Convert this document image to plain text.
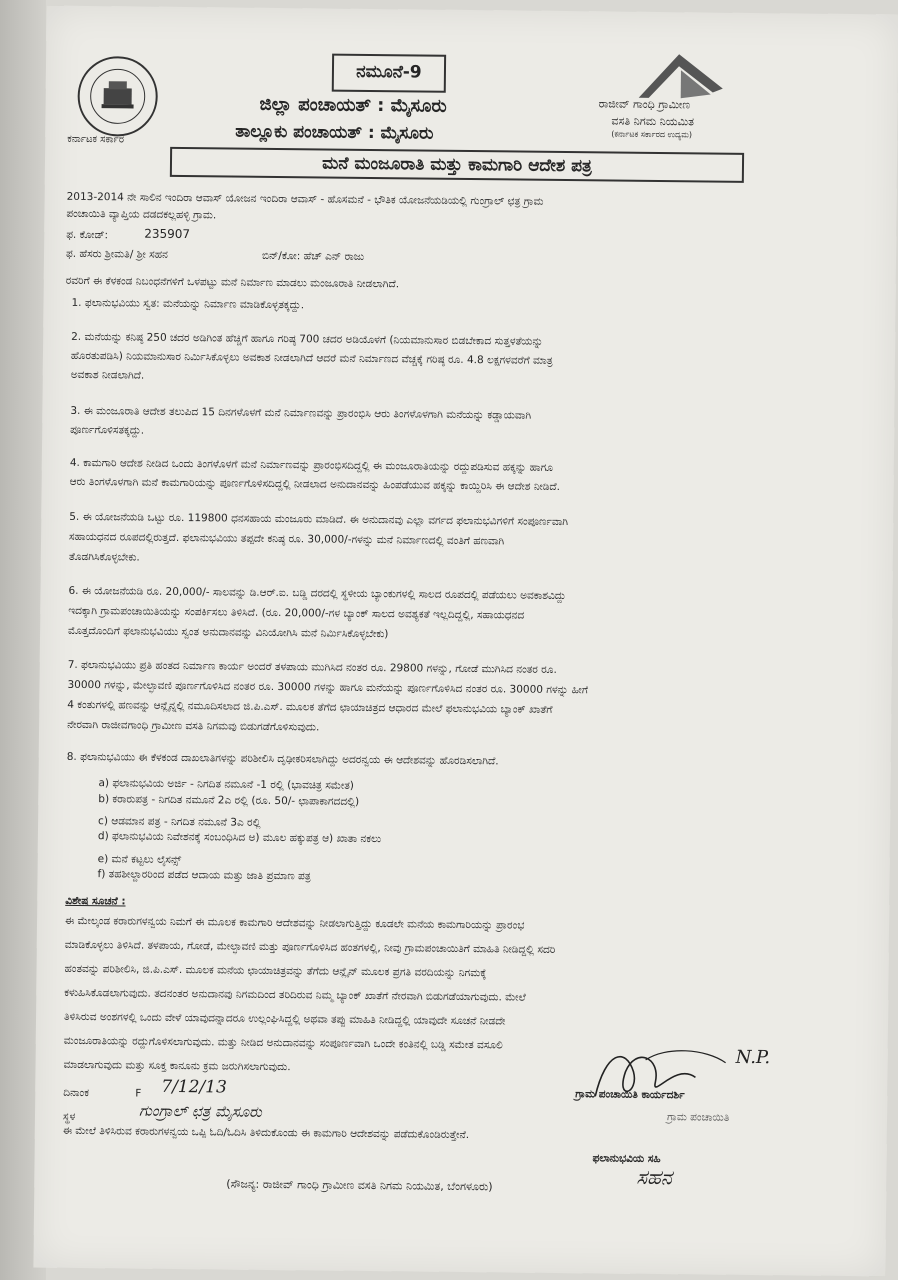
ಕರ್ನಾಟಕ ಸರ್ಕಾರ
ನಮೂನೆ-9
ಜಿಲ್ಲಾ ಪಂಚಾಯತ್ : ಮೈಸೂರು
ತಾಲ್ಲೂಕು ಪಂಚಾಯತ್ : ಮೈಸೂರು
ರಾಜೀವ್ ಗಾಂಧಿ ಗ್ರಾಮೀಣ
ವಸತಿ ನಿಗಮ ನಿಯಮಿತ
(ಕರ್ನಾಟಕ ಸರ್ಕಾರದ ಉದ್ಯಮ)
ಮನೆ ಮಂಜೂರಾತಿ ಮತ್ತು ಕಾಮಗಾರಿ ಆದೇಶ ಪತ್ರ
2013-2014 ನೇ ಸಾಲಿನ ಇಂದಿರಾ ಆವಾಸ್ ಯೋಜನ ಇಂದಿರಾ ಆವಾಸ್ - ಹೊಸಮನೆ - ಭೌತಿಕ ಯೋಜನೆಯಡಿಯಲ್ಲಿ ಗುಂಗ್ರಾಲ್ ಛತ್ರ ಗ್ರಾಮ
ಪಂಚಾಯಿತಿ ವ್ಯಾಪ್ತಿಯ ದಡದಕಲ್ಲಹಳ್ಳಿ ಗ್ರಾಮ.
ಫ. ಕೋಡ್:	235907
ಫ. ಹೆಸರು ಶ್ರೀಮತಿ/ ಶ್ರೀ ಸಹನ	ಬಿನ್/ಕೋ: ಹೆಚ್ ಎನ್ ರಾಜು
ರವರಿಗೆ ಈ ಕೆಳಕಂಡ ನಿಬಂಧನೆಗಳಿಗೆ ಒಳಪಟ್ಟು ಮನೆ ನಿರ್ಮಾಣ ಮಾಡಲು ಮಂಜೂರಾತಿ ನೀಡಲಾಗಿದೆ.
1. ಫಲಾನುಭವಿಯು ಸ್ವತ: ಮನೆಯನ್ನು ನಿರ್ಮಾಣ ಮಾಡಿಕೊಳ್ಳತಕ್ಕದ್ದು.
2. ಮನೆಯನ್ನು ಕನಿಷ್ಠ 250 ಚದರ ಅಡಿಗಿಂತ ಹೆಚ್ಚಿಗೆ ಹಾಗೂ ಗರಿಷ್ಠ 700 ಚದರ ಅಡಿಯೊಳಗೆ (ನಿಯಮಾನುಸಾರ ಬಿಡಬೇಕಾದ ಸುತ್ತಳತೆಯನ್ನು
ಹೊರತುಪಡಿಸಿ) ನಿಯಮಾನುಸಾರ ನಿರ್ಮಿಸಿಕೊಳ್ಳಲು ಅವಕಾಶ ನೀಡಲಾಗಿದೆ ಆದರೆ ಮನೆ ನಿರ್ಮಾಣದ ವೆಚ್ಚಕ್ಕೆ ಗರಿಷ್ಠ ರೂ. 4.8 ಲಕ್ಷಗಳವರೆಗೆ ಮಾತ್ರ
ಅವಕಾಶ ನೀಡಲಾಗಿದೆ.
3. ಈ ಮಂಜೂರಾತಿ ಆದೇಶ ತಲುಪಿದ 15 ದಿನಗಳೊಳಗೆ ಮನೆ ನಿರ್ಮಾಣವನ್ನು ಪ್ರಾರಂಭಿಸಿ ಆರು ತಿಂಗಳೊಳಗಾಗಿ ಮನೆಯನ್ನು ಕಡ್ಡಾಯವಾಗಿ
ಪೂರ್ಣಗೊಳಿಸತಕ್ಕದ್ದು.
4. ಕಾಮಗಾರಿ ಆದೇಶ ನೀಡಿದ ಒಂದು ತಿಂಗಳೊಳಗೆ ಮನೆ ನಿರ್ಮಾಣವನ್ನು ಪ್ರಾರಂಭಿಸದಿದ್ದಲ್ಲಿ ಈ ಮಂಜೂರಾತಿಯನ್ನು ರದ್ದುಪಡಿಸುವ ಹಕ್ಕನ್ನು ಹಾಗೂ
ಆರು ತಿಂಗಳೊಳಗಾಗಿ ಮನೆ ಕಾಮಗಾರಿಯನ್ನು ಪೂರ್ಣಗೊಳಿಸದಿದ್ದಲ್ಲಿ ನೀಡಲಾದ ಅನುದಾನವನ್ನು ಹಿಂಪಡೆಯುವ ಹಕ್ಕನ್ನು ಕಾಯ್ದಿರಿಸಿ ಈ ಆದೇಶ ನೀಡಿದೆ.
5. ಈ ಯೋಜನೆಯಡಿ ಒಟ್ಟು ರೂ. 119800 ಧನಸಹಾಯ ಮಂಜೂರು ಮಾಡಿದೆ. ಈ ಅನುದಾನವು ಎಲ್ಲಾ ವರ್ಗದ ಫಲಾನುಭವಿಗಳಿಗೆ ಸಂಪೂರ್ಣವಾಗಿ
ಸಹಾಯಧನದ ರೂಪದಲ್ಲಿರುತ್ತದೆ. ಫಲಾನುಭವಿಯು ತಪ್ಪದೇ ಕನಿಷ್ಠ ರೂ. 30,000/-ಗಳನ್ನು ಮನೆ ನಿರ್ಮಾಣದಲ್ಲಿ ವಂತಿಗೆ ಹಣವಾಗಿ
ತೊಡಗಿಸಿಕೊಳ್ಳಬೇಕು.
6. ಈ ಯೋಜನೆಯಡಿ ರೂ. 20,000/- ಸಾಲವನ್ನು ಡಿ.ಆರ್.ಐ. ಬಡ್ಡಿ ದರದಲ್ಲಿ ಸ್ಥಳೀಯ ಬ್ಯಾಂಕುಗಳಲ್ಲಿ ಸಾಲದ ರೂಪದಲ್ಲಿ ಪಡೆಯಲು ಅವಕಾಶವಿದ್ದು
ಇದಕ್ಕಾಗಿ ಗ್ರಾಮಪಂಚಾಯಿತಿಯನ್ನು ಸಂಪರ್ಕಿಸಲು ತಿಳಿಸಿದೆ. (ರೂ. 20,000/-ಗಳ ಬ್ಯಾಂಕ್ ಸಾಲದ ಅವಶ್ಯಕತೆ ಇಲ್ಲದಿದ್ದಲ್ಲಿ, ಸಹಾಯಧನದ
ಮೊತ್ತದೊಂದಿಗೆ ಫಲಾನುಭವಿಯು ಸ್ವಂತ ಅನುದಾನವನ್ನು ವಿನಿಯೋಗಿಸಿ ಮನೆ ನಿರ್ಮಿಸಿಕೊಳ್ಳಬೇಕು)
7. ಫಲಾನುಭವಿಯು ಪ್ರತಿ ಹಂತದ ನಿರ್ಮಾಣ ಕಾರ್ಯ ಅಂದರೆ ತಳಪಾಯ ಮುಗಿಸಿದ ನಂತರ ರೂ. 29800 ಗಳನ್ನು, ಗೋಡೆ ಮುಗಿಸಿದ ನಂತರ ರೂ.
30000 ಗಳನ್ನು, ಮೇಲ್ಛಾವಣಿ ಪೂರ್ಣಗೊಳಿಸಿದ ನಂತರ ರೂ. 30000 ಗಳನ್ನು ಹಾಗೂ ಮನೆಯನ್ನು ಪೂರ್ಣಗೊಳಿಸಿದ ನಂತರ ರೂ. 30000 ಗಳನ್ನು ಹೀಗೆ
4 ಕಂತುಗಳಲ್ಲಿ ಹಣವನ್ನು ಆನ್ಲೈನ್ನಲ್ಲಿ ನಮೂದಿಸಲಾದ ಜಿ.ಪಿ.ಎಸ್. ಮೂಲಕ ತೆಗೆದ ಛಾಯಾಚಿತ್ರದ ಆಧಾರದ ಮೇಲೆ ಫಲಾನುಭವಿಯ ಬ್ಯಾಂಕ್ ಖಾತೆಗೆ
ನೇರವಾಗಿ ರಾಜೀವಗಾಂಧಿ ಗ್ರಾಮೀಣ ವಸತಿ ನಿಗಮವು ಬಿಡುಗಡೆಗೊಳಿಸುವುದು.
8. ಫಲಾನುಭವಿಯು ಈ ಕೆಳಕಂಡ ದಾಖಲಾತಿಗಳನ್ನು ಪರಿಶೀಲಿಸಿ ದೃಢೀಕರಿಸಲಾಗಿದ್ದು ಅದರನ್ವಯ ಈ ಆದೇಶವನ್ನು ಹೊರಡಿಸಲಾಗಿದೆ.
a) ಫಲಾನುಭವಿಯ ಅರ್ಜಿ - ನಿಗದಿತ ನಮೂನೆ -1 ರಲ್ಲಿ (ಭಾವಚಿತ್ರ ಸಮೇತ)
b) ಕರಾರುಪತ್ರ - ನಿಗದಿತ ನಮೂನೆ 2ಎ ರಲ್ಲಿ (ರೂ. 50/- ಛಾಪಾಕಾಗದದಲ್ಲಿ)
c) ಆಡಮಾನ ಪತ್ರ - ನಿಗದಿತ ನಮೂನೆ 3ಎ ರಲ್ಲಿ
d) ಫಲಾನುಭವಿಯ ನಿವೇಶನಕ್ಕೆ ಸಂಬಂಧಿಸಿದ ಅ) ಮೂಲ ಹಕ್ಕುಪತ್ರ ಆ) ಖಾತಾ ನಕಲು
e) ಮನೆ ಕಟ್ಟಲು ಲೈಸನ್ಸ್
f) ತಹಶೀಲ್ದಾರರಿಂದ ಪಡೆದ ಆದಾಯ ಮತ್ತು ಜಾತಿ ಪ್ರಮಾಣ ಪತ್ರ
ವಿಶೇಷ ಸೂಚನೆ :
ಈ ಮೇಲ್ಕಂಡ ಕರಾರುಗಳನ್ವಯ ನಿಮಗೆ ಈ ಮೂಲಕ ಕಾಮಗಾರಿ ಆದೇಶವನ್ನು ನೀಡಲಾಗುತ್ತಿದ್ದು ಕೂಡಲೇ ಮನೆಯ ಕಾಮಗಾರಿಯನ್ನು ಪ್ರಾರಂಭ
ಮಾಡಿಕೊಳ್ಳಲು ತಿಳಿಸಿದೆ. ತಳಪಾಯ, ಗೋಡೆ, ಮೇಲ್ಛಾವಣಿ ಮತ್ತು ಪೂರ್ಣಗೊಳಿಸಿದ ಹಂತಗಳಲ್ಲಿ, ನೀವು ಗ್ರಾಮಪಂಚಾಯಿತಿಗೆ ಮಾಹಿತಿ ನೀಡಿದ್ದಲ್ಲಿ ಸದರಿ
ಹಂತವನ್ನು ಪರಿಶೀಲಿಸಿ, ಜಿ.ಪಿ.ಎಸ್. ಮೂಲಕ ಮನೆಯ ಛಾಯಾಚಿತ್ರವನ್ನು ತೆಗೆದು ಆನ್ಲೈನ್ ಮೂಲಕ ಪ್ರಗತಿ ವರದಿಯನ್ನು ನಿಗಮಕ್ಕೆ
ಕಳುಹಿಸಿಕೊಡಲಾಗುವುದು. ತದನಂತರ ಅನುದಾನವು ನಿಗಮದಿಂದ ತರಿದಿರುವ ನಿಮ್ಮ ಬ್ಯಾಂಕ್ ಖಾತೆಗೆ ನೇರವಾಗಿ ಬಿಡುಗಡೆಯಾಗುವುದು. ಮೇಲೆ
ತಿಳಿಸಿರುವ ಅಂಶಗಳಲ್ಲಿ ಒಂದು ವೇಳೆ ಯಾವುದನ್ನಾದರೂ ಉಲ್ಲಂಘಿಸಿದ್ದಲ್ಲಿ ಅಥವಾ ತಪ್ಪು ಮಾಹಿತಿ ನೀಡಿದ್ದಲ್ಲಿ ಯಾವುದೇ ಸೂಚನೆ ನೀಡದೇ
ಮಂಜೂರಾತಿಯನ್ನು ರದ್ದುಗೊಳಿಸಲಾಗುವುದು. ಮತ್ತು ನೀಡಿದ ಅನುದಾನವನ್ನು ಸಂಪೂರ್ಣವಾಗಿ ಒಂದೇ ಕಂತಿನಲ್ಲಿ ಬಡ್ಡಿ ಸಮೇತ ವಸೂಲಿ
ಮಾಡಲಾಗುವುದು ಮತ್ತು ಸೂಕ್ತ ಕಾನೂನು ಕ್ರಮ ಜರುಗಿಸಲಾಗುವುದು.
ದಿನಾಂಕ	F 7/12/13
ಸ್ಥಳ	ಗುಂಗ್ರಾಲ್ ಛತ್ರ ಮೈಸೂರು
N.P.
ಗ್ರಾಮ ಪಂಚಾಯಿತಿ ಕಾರ್ಯದರ್ಶಿ
ಗ್ರಾಮ ಪಂಚಾಯಿತಿ
ಈ ಮೇಲೆ ತಿಳಿಸಿರುವ ಕರಾರುಗಳನ್ವಯ ಒಪ್ಪಿ ಓದಿ/ಓದಿಸಿ ತಿಳಿದುಕೊಂಡು ಈ ಕಾಮಗಾರಿ ಆದೇಶವನ್ನು ಪಡೆದುಕೊಂಡಿರುತ್ತೇನೆ.
ಫಲಾನುಭವಿಯ ಸಹಿ
ಸಹನ
(ಸೌಜನ್ಯ: ರಾಜೀವ್ ಗಾಂಧಿ ಗ್ರಾಮೀಣ ವಸತಿ ನಿಗಮ ನಿಯಮಿತ, ಬೆಂಗಳೂರು)
